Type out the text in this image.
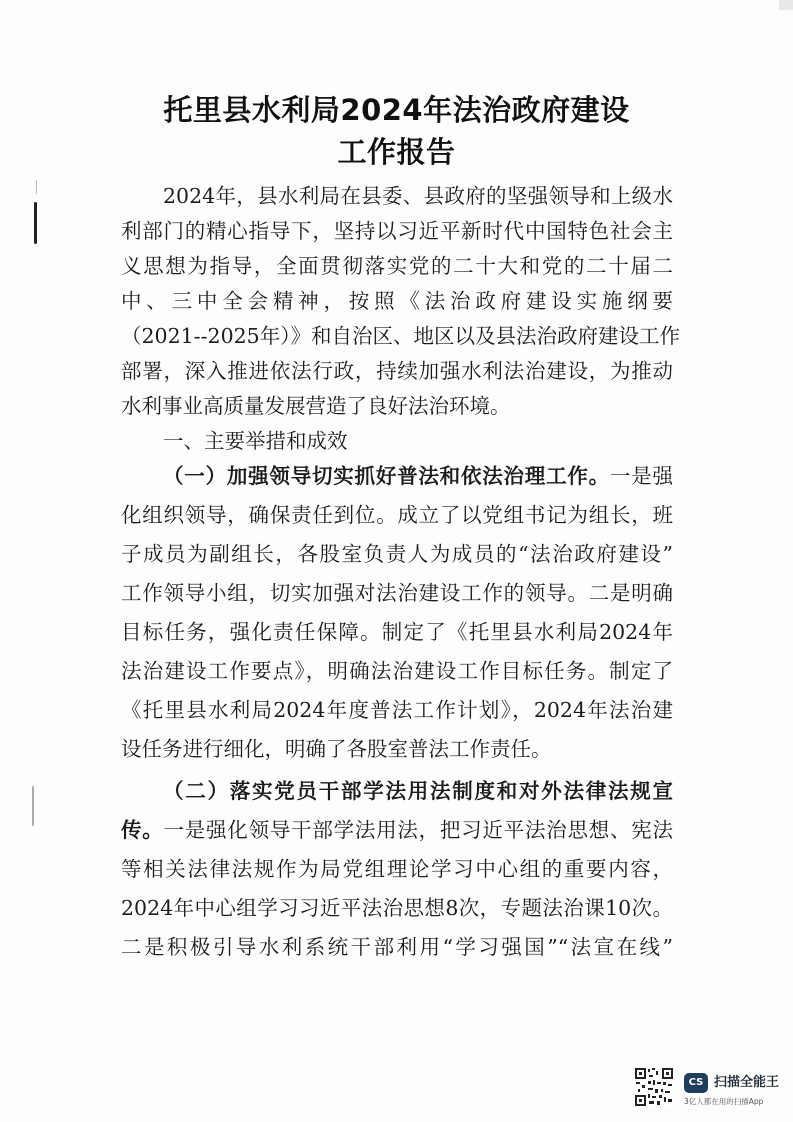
托里县水利局2024年法治政府建设
工作报告
2024年，县水利局在县委、县政府的坚强领导和上级水
利部门的精心指导下，坚持以习近平新时代中国特色社会主
义思想为指导，全面贯彻落实党的二十大和党的二十届二
中、三中全会精神，按照《法治政府建设实施纲要
（2021--2025年）》和自治区、地区以及县法治政府建设工作
部署，深入推进依法行政，持续加强水利法治建设，为推动
水利事业高质量发展营造了良好法治环境。
一、主要举措和成效
（一）加强领导切实抓好普法和依法治理工作。一是强
化组织领导，确保责任到位。成立了以党组书记为组长，班
子成员为副组长，各股室负责人为成员的“法治政府建设”
工作领导小组，切实加强对法治建设工作的领导。二是明确
目标任务，强化责任保障。制定了《托里县水利局2024年
法治建设工作要点》，明确法治建设工作目标任务。制定了
《托里县水利局2024年度普法工作计划》，2024年法治建
设任务进行细化，明确了各股室普法工作责任。
（二）落实党员干部学法用法制度和对外法律法规宣
传。一是强化领导干部学法用法，把习近平法治思想、宪法
等相关法律法规作为局党组理论学习中心组的重要内容，
2024年中心组学习习近平法治思想8次，专题法治课10次。
二是积极引导水利系统干部利用“学习强国”“法宣在线”
CS 扫描全能王
3亿人都在用的扫描App
